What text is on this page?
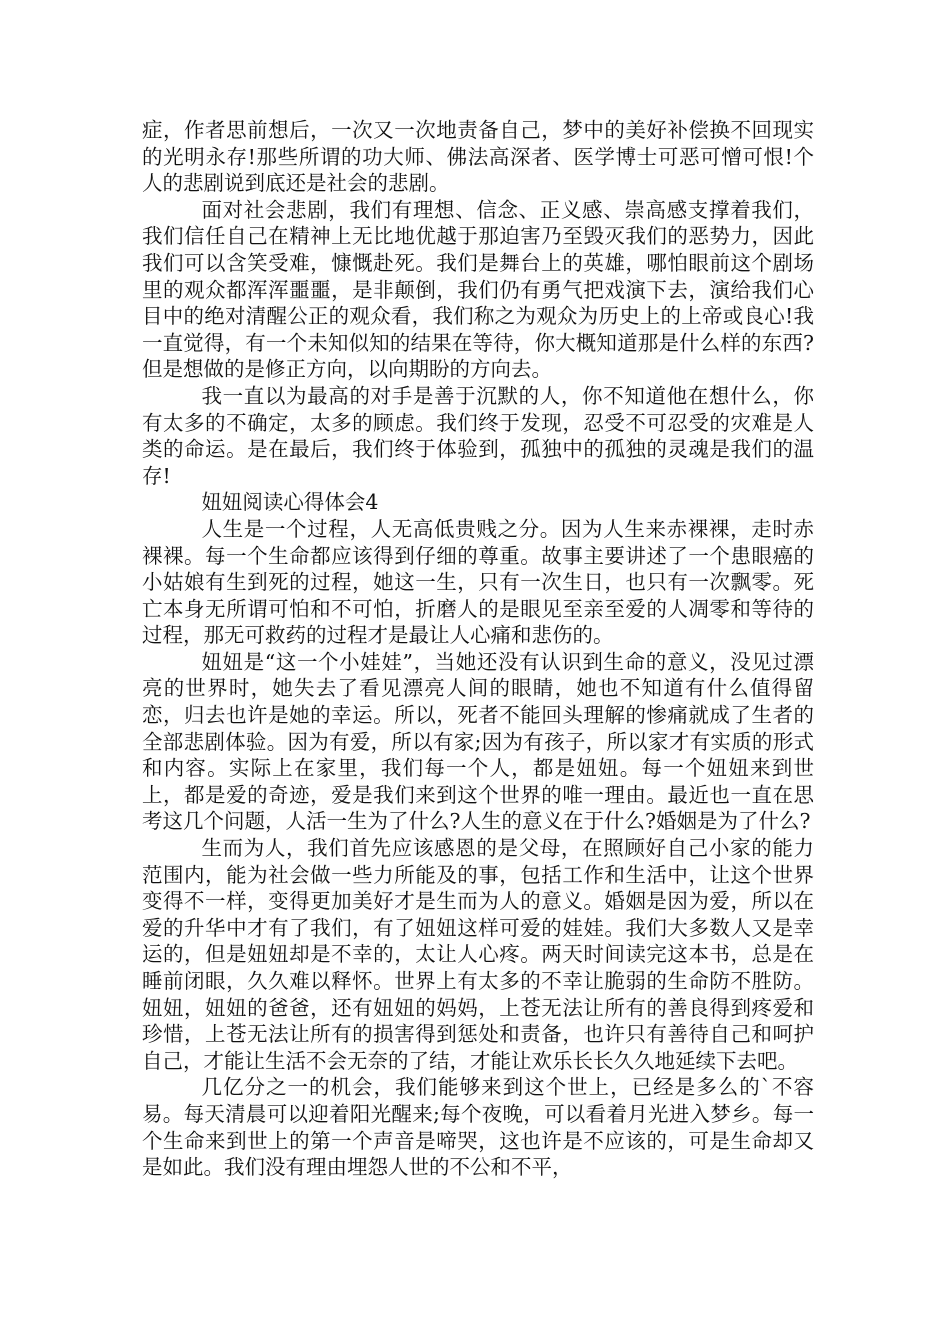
症，作者思前想后，一次又一次地责备自己，梦中的美好补偿换不回现实的光明永存!那些所谓的功大师、佛法高深者、医学博士可恶可憎可恨!个人的悲剧说到底还是社会的悲剧。

面对社会悲剧，我们有理想、信念、正义感、崇高感支撑着我们，我们信任自己在精神上无比地优越于那迫害乃至毁灭我们的恶势力，因此我们可以含笑受难，慷慨赴死。我们是舞台上的英雄，哪怕眼前这个剧场里的观众都浑浑噩噩，是非颠倒，我们仍有勇气把戏演下去，演给我们心目中的绝对清醒公正的观众看，我们称之为观众为历史上的上帝或良心!我一直觉得，有一个未知似知的结果在等待，你大概知道那是什么样的东西?但是想做的是修正方向，以向期盼的方向去。

我一直以为最高的对手是善于沉默的人，你不知道他在想什么，你有太多的不确定，太多的顾虑。我们终于发现，忍受不可忍受的灾难是人类的命运。是在最后，我们终于体验到，孤独中的孤独的灵魂是我们的温存!

妞妞阅读心得体会4

人生是一个过程，人无高低贵贱之分。因为人生来赤裸裸，走时赤裸裸。每一个生命都应该得到仔细的尊重。故事主要讲述了一个患眼癌的小姑娘有生到死的过程，她这一生，只有一次生日，也只有一次飘零。死亡本身无所谓可怕和不可怕，折磨人的是眼见至亲至爱的人凋零和等待的过程，那无可救药的过程才是最让人心痛和悲伤的。

妞妞是“这一个小娃娃”，当她还没有认识到生命的意义，没见过漂亮的世界时，她失去了看见漂亮人间的眼睛，她也不知道有什么值得留恋，归去也许是她的幸运。所以，死者不能回头理解的惨痛就成了生者的全部悲剧体验。因为有爱，所以有家;因为有孩子，所以家才有实质的形式和内容。实际上在家里，我们每一个人，都是妞妞。每一个妞妞来到世上，都是爱的奇迹，爱是我们来到这个世界的唯一理由。最近也一直在思考这几个问题，人活一生为了什么?人生的意义在于什么?婚姻是为了什么?

生而为人，我们首先应该感恩的是父母，在照顾好自己小家的能力范围内，能为社会做一些力所能及的事，包括工作和生活中，让这个世界变得不一样，变得更加美好才是生而为人的意义。婚姻是因为爱，所以在爱的升华中才有了我们，有了妞妞这样可爱的娃娃。我们大多数人又是幸运的，但是妞妞却是不幸的，太让人心疼。两天时间读完这本书，总是在睡前闭眼，久久难以释怀。世界上有太多的不幸让脆弱的生命防不胜防。妞妞，妞妞的爸爸，还有妞妞的妈妈，上苍无法让所有的善良得到疼爱和珍惜，上苍无法让所有的损害得到惩处和责备，也许只有善待自己和呵护自己，才能让生活不会无奈的了结，才能让欢乐长长久久地延续下去吧。

几亿分之一的机会，我们能够来到这个世上，已经是多么的`不容易。每天清晨可以迎着阳光醒来;每个夜晚，可以看着月光进入梦乡。每一个生命来到世上的第一个声音是啼哭，这也许是不应该的，可是生命却又是如此。我们没有理由埋怨人世的不公和不平，
